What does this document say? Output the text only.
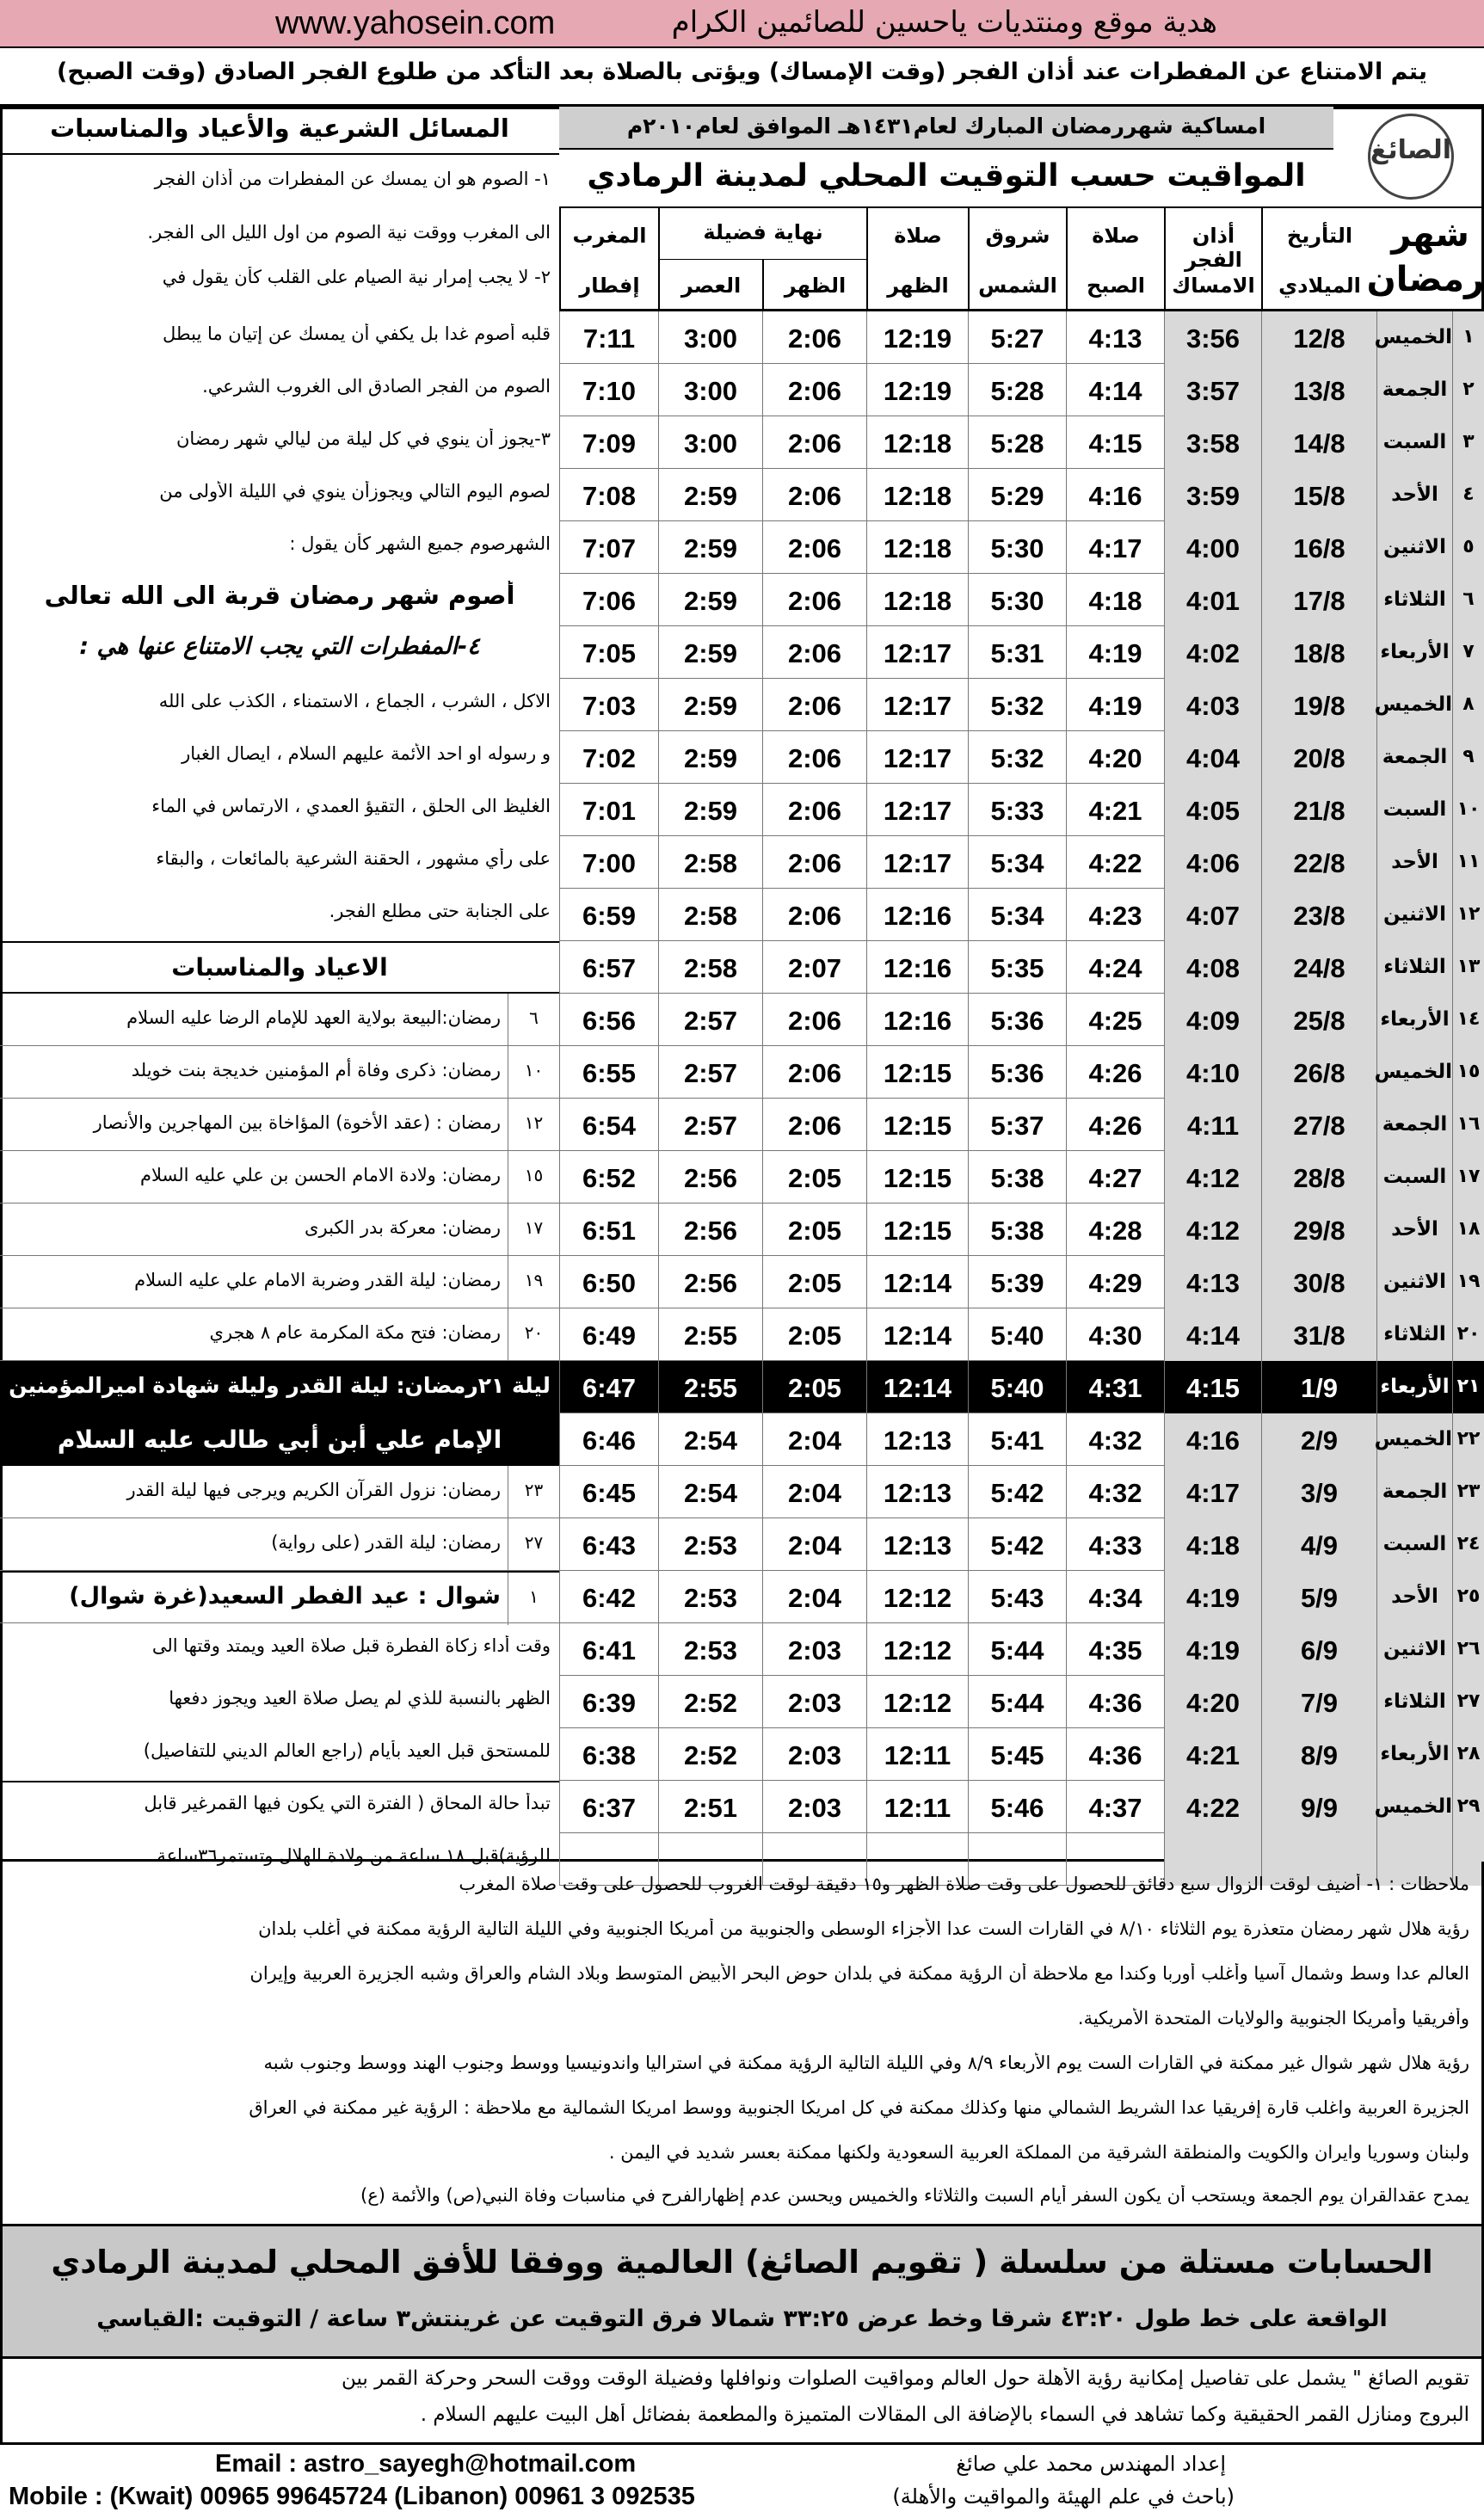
www.yahosein.com	هدية موقع ومنتديات ياحسين للصائمين الكرام
يتم الامتناع عن المفطرات عند أذان الفجر (وقت الإمساك) ويؤتى بالصلاة بعد التأكد من طلوع الفجر الصادق (وقت الصبح)
المسائل الشرعية والأعياد والمناسبات	امساكية شهررمضان المبارك لعام١٤٣١هـ الموافق لعام٢٠١٠م
المواقيت حسب التوقيت المحلي لمدينة الرمادي
الصائغ
المغرب
إفطار
نهاية فضيلة
العصر	الظهر
صلاة
الظهر
شروق
الشمس
صلاة
الصبح
أذان الفجر
الامساك
التأريخ
الميلادي
شهر
رمضان
7:11	3:00	2:06	12:19	5:27	4:13	3:56	12/8	الخميس ١
7:10	3:00	2:06	12:19	5:28	4:14	3:57	13/8	الجمعة ٢
7:09	3:00	2:06	12:18	5:28	4:15	3:58	14/8	السبت ٣
7:08	2:59	2:06	12:18	5:29	4:16	3:59	15/8	الأحد	٤
7:07	2:59	2:06	12:18	5:30	4:17	4:00	16/8	الاثنين ٥
7:06	2:59	2:06	12:18	5:30	4:18	4:01	17/8	الثلاثاء ٦
7:05	2:59	2:06	12:17	5:31	4:19	4:02	18/8	الأربعاء ٧
7:03	2:59	2:06	12:17	5:32	4:19	4:03	19/8	الخميس ٨
7:02	2:59	2:06	12:17	5:32	4:20	4:04	20/8	الجمعة ٩
7:01	2:59	2:06	12:17	5:33	4:21	4:05	21/8	السبت ١٠
7:00	2:58	2:06	12:17	5:34	4:22	4:06	22/8	الأحد ١١
6:59	2:58	2:06	12:16	5:34	4:23	4:07	23/8	الاثنين ١٢
6:57	2:58	2:07	12:16	5:35	4:24	4:08	24/8	الثلاثاء ١٣
6:56	2:57	2:06	12:16	5:36	4:25	4:09	25/8	الأربعاء ١٤
6:55	2:57	2:06	12:15	5:36	4:26	4:10	26/8	الخميس ١٥
6:54	2:57	2:06	12:15	5:37	4:26	4:11	27/8	الجمعة ١٦
6:52	2:56	2:05	12:15	5:38	4:27	4:12	28/8	السبت ١٧
6:51	2:56	2:05	12:15	5:38	4:28	4:12	29/8	الأحد ١٨
6:50	2:56	2:05	12:14	5:39	4:29	4:13	30/8	الاثنين ١٩
6:49	2:55	2:05	12:14	5:40	4:30	4:14	31/8	الثلاثاء ٢٠
6:47	2:55	2:05	12:14	5:40	4:31	4:15	1/9	الأربعاء ٢١
6:46	2:54	2:04	12:13	5:41	4:32	4:16	2/9	الخميس ٢٢
6:45	2:54	2:04	12:13	5:42	4:32	4:17	3/9	الجمعة ٢٣
6:43	2:53	2:04	12:13	5:42	4:33	4:18	4/9	السبت ٢٤
6:42	2:53	2:04	12:12	5:43	4:34	4:19	5/9	الأحد ٢٥
6:41	2:53	2:03	12:12	5:44	4:35	4:19	6/9	الاثنين ٢٦
6:39	2:52	2:03	12:12	5:44	4:36	4:20	7/9	الثلاثاء ٢٧
6:38	2:52	2:03	12:11	5:45	4:36	4:21	8/9	الأربعاء ٢٨
6:37	2:51	2:03	12:11	5:46	4:37	4:22	9/9	الخميس ٢٩
١- الصوم هو ان يمسك عن المفطرات من أذان الفجر
الى المغرب ووقت نية الصوم من اول الليل الى الفجر.
٢- لا يجب إمرار نية الصيام على القلب كأن يقول في
قلبه أصوم غدا بل يكفي أن يمسك عن إتيان ما يبطل
الصوم من الفجر الصادق الى الغروب الشرعي.
٣-يجوز أن ينوي في كل ليلة من ليالي شهر رمضان
لصوم اليوم التالي ويجوزأن ينوي في الليلة الأولى من
الشهرصوم جميع الشهر كأن يقول :
أصوم شهر رمضان قربة الى الله تعالى
٤-المفطرات التي يجب الامتناع عنها هي :
الاكل ، الشرب ، الجماع ، الاستمناء ، الكذب على الله
و رسوله او احد الأئمة عليهم السلام ، ايصال الغبار
الغليظ الى الحلق ، التقيؤ العمدي ، الارتماس في الماء
على رأي مشهور ، الحقنة الشرعية بالمائعات ، والبقاء
على الجنابة حتى مطلع الفجر.
الاعياد والمناسبات
٦
رمضان:البيعة بولاية العهد للإمام الرضا عليه السلام
١٠
رمضان: ذكرى وفاة أم المؤمنين خديجة بنت خويلد
١٢
رمضان : (عقد الأخوة) المؤاخاة بين المهاجرين والأنصار
١٥
رمضان: ولادة الامام الحسن بن علي عليه السلام
١٧
رمضان: معركة بدر الكبرى
١٩
رمضان: ليلة القدر وضربة الامام علي عليه السلام
٢٠
رمضان: فتح مكة المكرمة عام ٨ هجري
ليلة ٢١رمضان: ليلة القدر وليلة شهادة اميرالمؤمنين
الإمام علي أبن أبي طالب عليه السلام
٢٣
رمضان: نزول القرآن الكريم ويرجى فيها ليلة القدر
٢٧
رمضان: ليلة القدر (على رواية)
١
شوال : عيد الفطر السعيد(غرة شوال)
وقت أداء زكاة الفطرة قبل صلاة العيد ويمتد وقتها الى
الظهر بالنسبة للذي لم يصل صلاة العيد ويجوز دفعها
للمستحق قبل العيد بأيام (راجع العالم الديني للتفاصيل)
تبدأ حالة المحاق ( الفترة التي يكون فيها القمرغير قابل
للرؤية)قبل ١٨ ساعة من ولادة الهلال وتستمر٣٦ساعة
ملاحظات : ١- أضيف لوقت الزوال سبع دقائق للحصول على وقت صلاة الظهر و١٥ دقيقة لوقت الغروب للحصول على وقت صلاة المغرب
رؤية هلال شهر رمضان متعذرة يوم الثلاثاء ٨/١٠ في القارات الست عدا الأجزاء الوسطى والجنوبية من أمريكا الجنوبية وفي الليلة التالية الرؤية ممكنة في أغلب بلدان
العالم عدا وسط وشمال آسيا وأغلب أوربا وكندا مع ملاحظة أن الرؤية ممكنة في بلدان حوض البحر الأبيض المتوسط وبلاد الشام والعراق وشبه الجزيرة العربية وإيران
وأفريقيا وأمريكا الجنوبية والولايات المتحدة الأمريكية.
رؤية هلال شهر شوال غير ممكنة في القارات الست يوم الأربعاء ٨/٩ وفي الليلة التالية الرؤية ممكنة في استراليا واندونيسيا ووسط وجنوب الهند ووسط وجنوب شبه
الجزيرة العربية واغلب قارة إفريقيا عدا الشريط الشمالي منها وكذلك ممكنة في كل امريكا الجنوبية ووسط امريكا الشمالية مع ملاحظة : الرؤية غير ممكنة في العراق
ولبنان وسوريا وايران والكويت والمنطقة الشرقية من المملكة العربية السعودية ولكنها ممكنة بعسر شديد في اليمن .
يمدح عقدالقران يوم الجمعة ويستحب أن يكون السفر أيام السبت والثلاثاء والخميس ويحسن عدم إظهارالفرح في مناسبات وفاة النبي(ص) والأئمة (ع)
الحسابات مستلة من سلسلة ( تقويم الصائغ) العالمية ووفقا للأفق المحلي لمدينة الرمادي
الواقعة على خط طول ٤٣:٢٠ شرقا وخط عرض ٣٣:٢٥ شمالا فرق التوقيت عن غرينتش٣ ساعة / التوقيت :القياسي
تقويم الصائغ " يشمل على تفاصيل إمكانية رؤية الأهلة حول العالم ومواقيت الصلوات ونوافلها وفضيلة الوقت ووقت السحر وحركة القمر بين
البروج ومنازل القمر الحقيقية وكما تشاهد في السماء بالإضافة الى المقالات المتميزة والمطعمة بفضائل أهل البيت عليهم السلام .
Email : astro_sayegh@hotmail.com
Mobile : (Kwait) 00965 99645724 (Libanon) 00961 3 092535
إعداد المهندس محمد علي صائغ
(باحث في علم الهيئة والمواقيت والأهلة)
